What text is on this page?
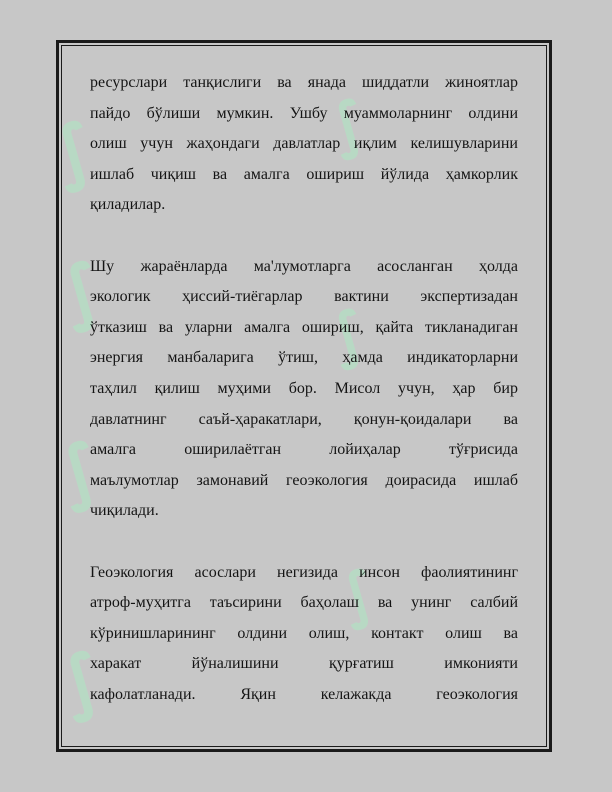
∫
∫
∫
∫
∫
∫
∫
ресурслари танқислиги ва янада шиддатли жиноятлар
пайдо бўлиши мумкин. Ушбу муаммоларнинг олдини
олиш учун жаҳондаги давлатлар иқлим келишувларини
ишлаб чиқиш ва амалга ошириш йўлида ҳамкорлик
қиладилар.
Шу жараёнларда ма'лумотларга асосланган ҳолда
экологик ҳиссий-тиёгарлар вактини экспертизадан
ўтказиш ва уларни амалга ошириш, қайта тикланадиган
энергия манбаларига ўтиш, ҳамда индикаторларни
таҳлил қилиш муҳими бор. Мисол учун, ҳар бир
давлатнинг саъй-ҳаракатлари, қонун-қоидалари ва
амалга оширилаётган лойиҳалар тўғрисида
маълумотлар замонавий геоэкология доирасида ишлаб
чиқилади.
Геоэкология асослари негизида инсон фаолиятининг
атроф-муҳитга таъсирини баҳолаш ва унинг салбий
кўринишларининг олдини олиш, контакт олиш ва
харакат йўналишини қурғатиш имконияти
кафолатланади. Яқин келажакда геоэкология
